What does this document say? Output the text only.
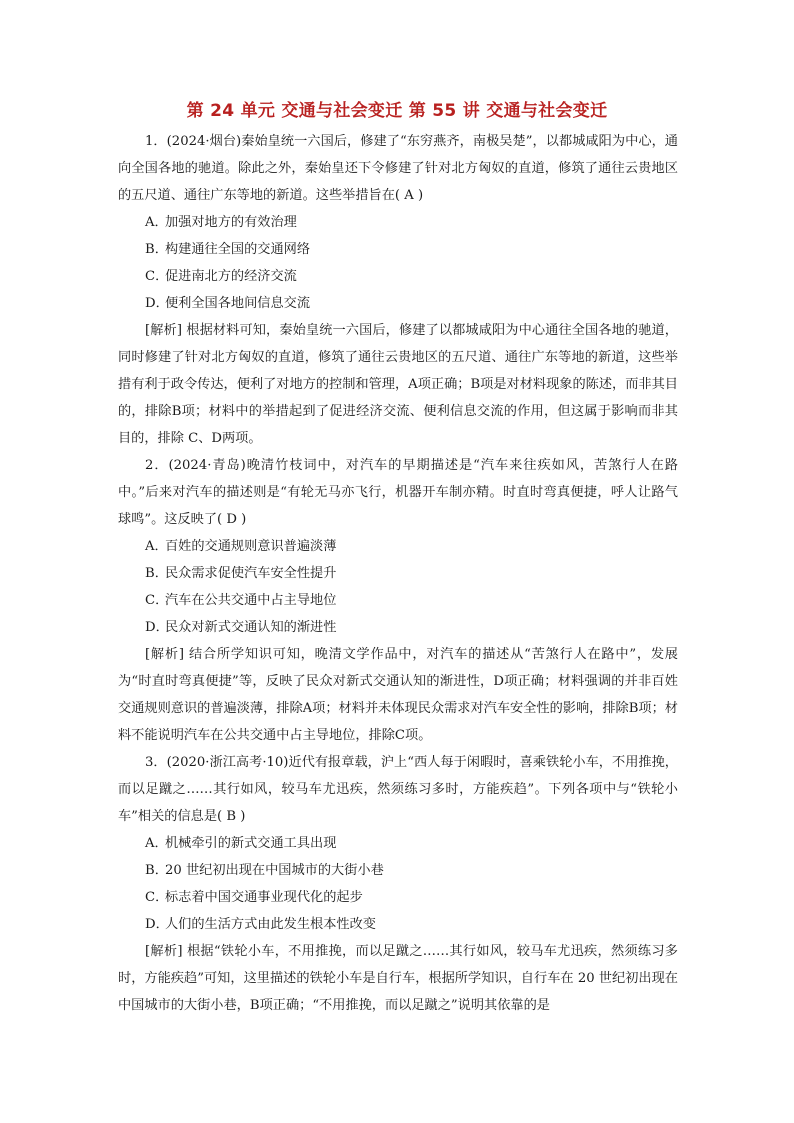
第 24 单元 交通与社会变迁 第 55 讲 交通与社会变迁

1．(2024·烟台)秦始皇统一六国后，修建了“东穷燕齐，南极吴楚”，以都城咸阳为中心，通向全国各地的驰道。除此之外，秦始皇还下令修建了针对北方匈奴的直道，修筑了通往云贵地区的五尺道、通往广东等地的新道。这些举措旨在( A )

A．加强对地方的有效治理

B．构建通往全国的交通网络

C．促进南北方的经济交流

D．便利全国各地间信息交流

[解析] 根据材料可知，秦始皇统一六国后，修建了以都城咸阳为中心通往全国各地的驰道，同时修建了针对北方匈奴的直道，修筑了通往云贵地区的五尺道、通往广东等地的新道，这些举措有利于政令传达，便利了对地方的控制和管理，A项正确；B项是对材料现象的陈述，而非其目的，排除B项；材料中的举措起到了促进经济交流、便利信息交流的作用，但这属于影响而非其目的，排除 C、D两项。

2．(2024·青岛)晚清竹枝词中，对汽车的早期描述是“汽车来往疾如风，苦煞行人在路中。”后来对汽车的描述则是“有轮无马亦飞行，机器开车制亦精。时直时弯真便捷，呼人让路气球鸣”。这反映了( D )

A．百姓的交通规则意识普遍淡薄

B．民众需求促使汽车安全性提升

C．汽车在公共交通中占主导地位

D．民众对新式交通认知的渐进性

[解析] 结合所学知识可知，晚清文学作品中，对汽车的描述从“苦煞行人在路中”，发展为“时直时弯真便捷”等，反映了民众对新式交通认知的渐进性，D项正确；材料强调的并非百姓交通规则意识的普遍淡薄，排除A项；材料并未体现民众需求对汽车安全性的影响，排除B项；材料不能说明汽车在公共交通中占主导地位，排除C项。

3．(2020·浙江高考·10)近代有报章载，沪上“西人每于闲暇时，喜乘铁轮小车，不用推挽，而以足蹴之……其行如风，较马车尤迅疾，然须练习多时，方能疾趋”。下列各项中与“铁轮小车”相关的信息是( B )

A．机械牵引的新式交通工具出现

B．20 世纪初出现在中国城市的大街小巷

C．标志着中国交通事业现代化的起步

D．人们的生活方式由此发生根本性改变

[解析] 根据“铁轮小车，不用推挽，而以足蹴之……其行如风，较马车尤迅疾，然须练习多时，方能疾趋”可知，这里描述的铁轮小车是自行车，根据所学知识，自行车在 20 世纪初出现在中国城市的大街小巷，B项正确；“不用推挽，而以足蹴之”说明其依靠的是
